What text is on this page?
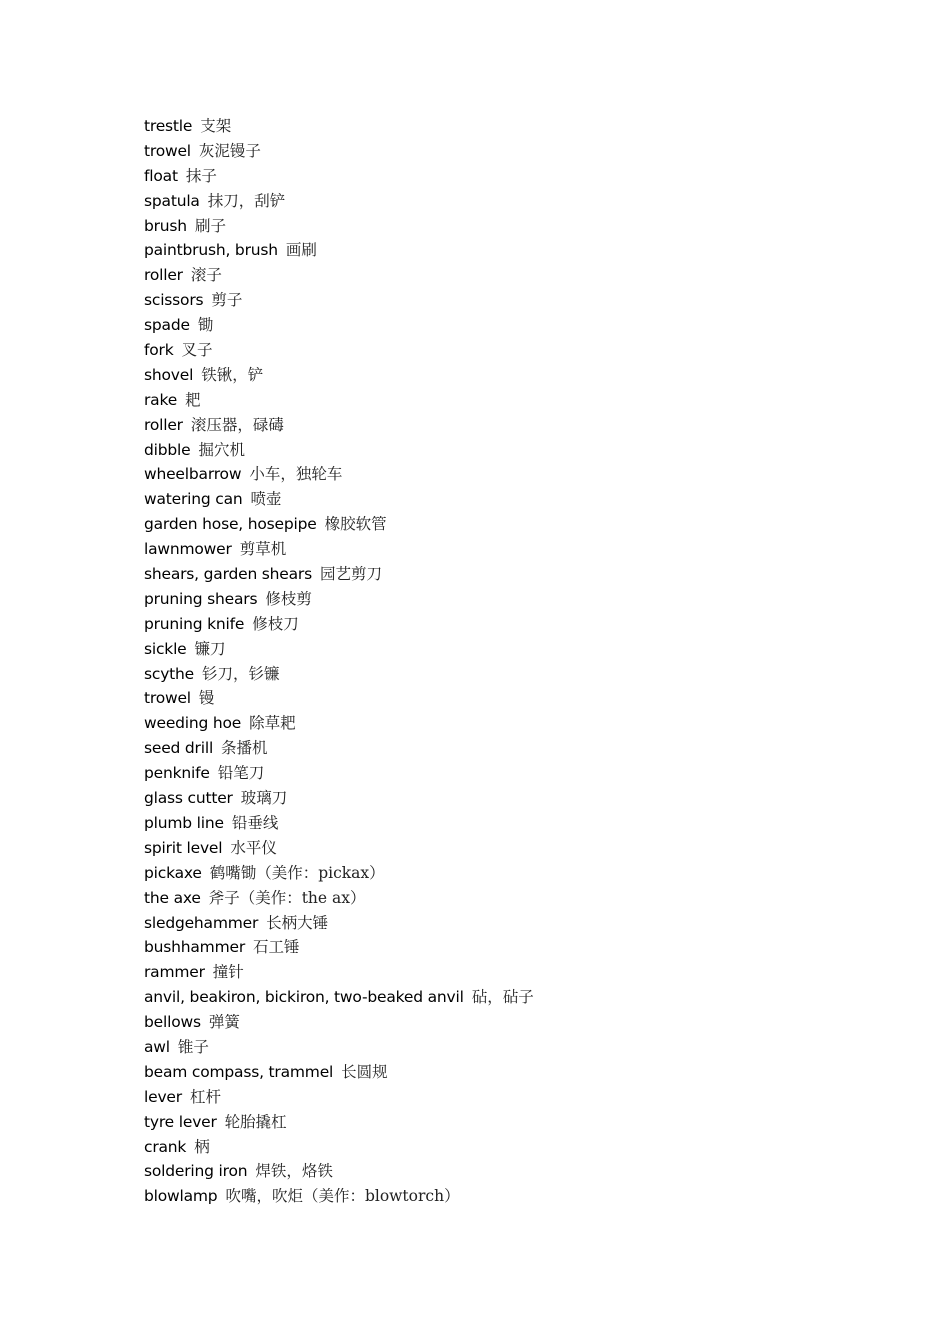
trestle 支架
trowel 灰泥镘子
float 抹子
spatula 抹刀，刮铲
brush 刷子
paintbrush, brush 画刷
roller 滚子
scissors 剪子
spade 锄
fork 叉子
shovel 铁锹，铲
rake 耙
roller 滚压器，碌碡
dibble 掘穴机
wheelbarrow 小车，独轮车
watering can 喷壶
garden hose, hosepipe 橡胶软管
lawnmower 剪草机
shears, garden shears 园艺剪刀
pruning shears 修枝剪
pruning knife 修枝刀
sickle 镰刀
scythe 钐刀，钐镰
trowel 镘
weeding hoe 除草耙
seed drill 条播机
penknife 铅笔刀
glass cutter 玻璃刀
plumb line 铅垂线
spirit level 水平仪
pickaxe 鹤嘴锄（美作：pickax）
the axe 斧子（美作：the ax）
sledgehammer 长柄大锤
bushhammer 石工锤
rammer 撞针
anvil, beakiron, bickiron, two-beaked anvil 砧，砧子
bellows 弹簧
awl 锥子
beam compass, trammel 长圆规
lever 杠杆
tyre lever 轮胎撬杠
crank 柄
soldering iron 焊铁，烙铁
blowlamp 吹嘴，吹炬（美作：blowtorch）
